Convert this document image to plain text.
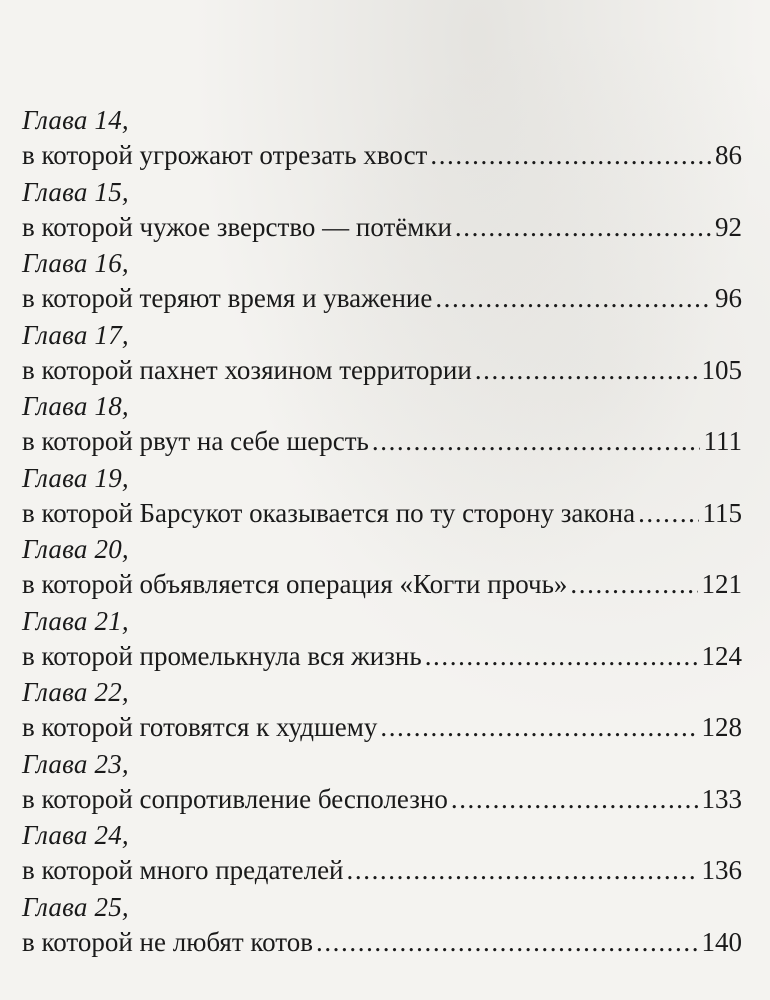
Глава 14,
в которой угрожают отрезать хвост .....	86
Глава 15,
в которой чужое зверство — потёмки .....	92
Глава 16,
в которой теряют время и уважение .....	96
Глава 17,
в которой пахнет хозяином территории .....	105
Глава 18,
в которой рвут на себе шерсть .....	111
Глава 19,
в которой Барсукот оказывается по ту сторону закона ..... 115
Глава 20,
в которой объявляется операция «Когти прочь» .....	121
Глава 21,
в которой промелькнула вся жизнь .....	124
Глава 22,
в которой готовятся к худшему .....	128
Глава 23,
в которой сопротивление бесполезно .....	133
Глава 24,
в которой много предателей .....	136
Глава 25,
в которой не любят котов .....	140
